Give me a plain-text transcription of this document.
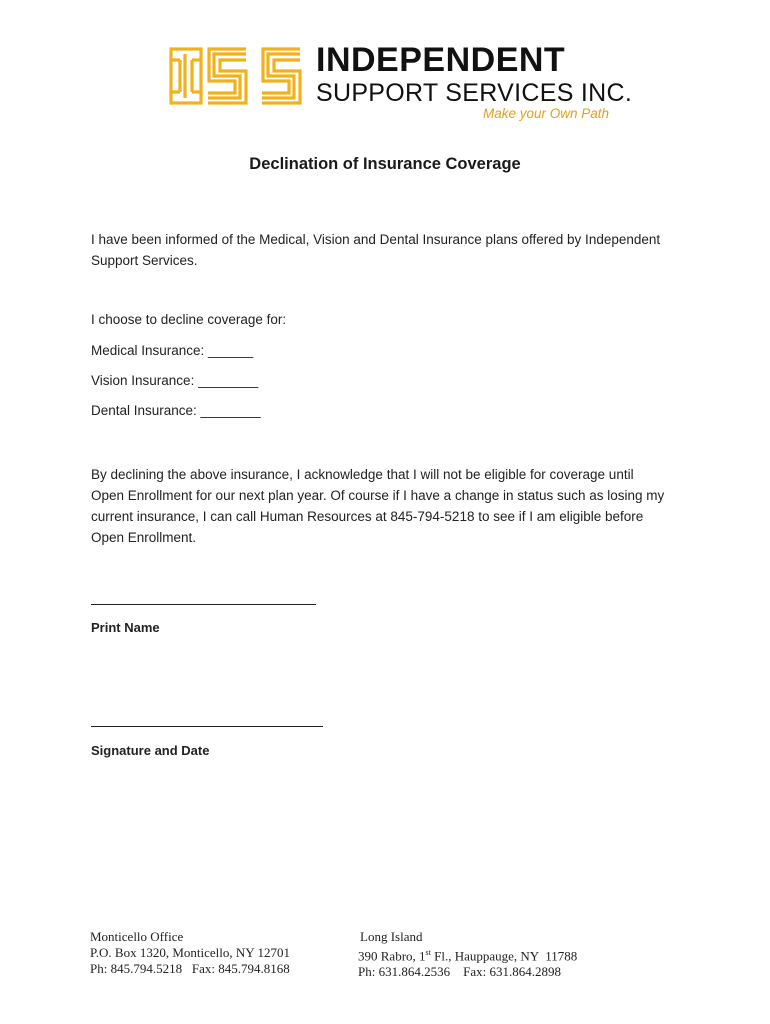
INDEPENDENT
SUPPORT SERVICES INC.
Make your Own Path
Declination of Insurance Coverage
I have been informed of the Medical, Vision and Dental Insurance plans offered by Independent
Support Services.
I choose to decline coverage for:
Medical Insurance: ______
Vision Insurance: ________
Dental Insurance: ________
By declining the above insurance, I acknowledge that I will not be eligible for coverage until
Open Enrollment for our next plan year. Of course if I have a change in status such as losing my
current insurance, I can call Human Resources at 845-794-5218 to see if I am eligible before
Open Enrollment.
Print Name
Signature and Date
Monticello Office
P.O. Box 1320, Monticello, NY 12701
Ph: 845.794.5218   Fax: 845.794.8168
Long Island
390 Rabro, 1st Fl., Hauppauge, NY  11788
Ph: 631.864.2536    Fax: 631.864.2898
